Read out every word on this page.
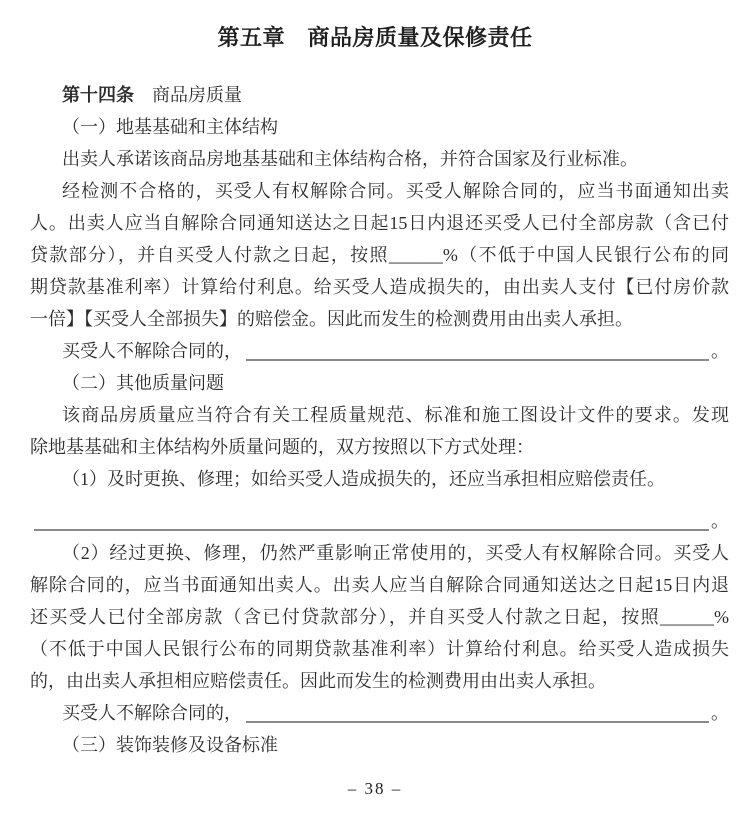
第五章　商品房质量及保修责任
第十四条　商品房质量
（一）地基基础和主体结构
出卖人承诺该商品房地基基础和主体结构合格，并符合国家及行业标准。
经检测不合格的，买受人有权解除合同。买受人解除合同的，应当书面通知出卖
人。出卖人应当自解除合同通知送达之日起15日内退还买受人已付全部房款（含已付
贷款部分），并自买受人付款之日起，按照______%（不低于中国人民银行公布的同
期贷款基准利率）计算给付利息。给买受人造成损失的，由出卖人支付【已付房价款
一倍】【买受人全部损失】的赔偿金。因此而发生的检测费用由出卖人承担。
买受人不解除合同的，	。
（二）其他质量问题
该商品房质量应当符合有关工程质量规范、标准和施工图设计文件的要求。发现
除地基基础和主体结构外质量问题的，双方按照以下方式处理：
（1）及时更换、修理；如给买受人造成损失的，还应当承担相应赔偿责任。
。
（2）经过更换、修理，仍然严重影响正常使用的，买受人有权解除合同。买受人
解除合同的，应当书面通知出卖人。出卖人应当自解除合同通知送达之日起15日内退
还买受人已付全部房款（含已付贷款部分），并自买受人付款之日起，按照______%
（不低于中国人民银行公布的同期贷款基准利率）计算给付利息。给买受人造成损失
的，由出卖人承担相应赔偿责任。因此而发生的检测费用由出卖人承担。
买受人不解除合同的，	。
（三）装饰装修及设备标准
– 38 –
